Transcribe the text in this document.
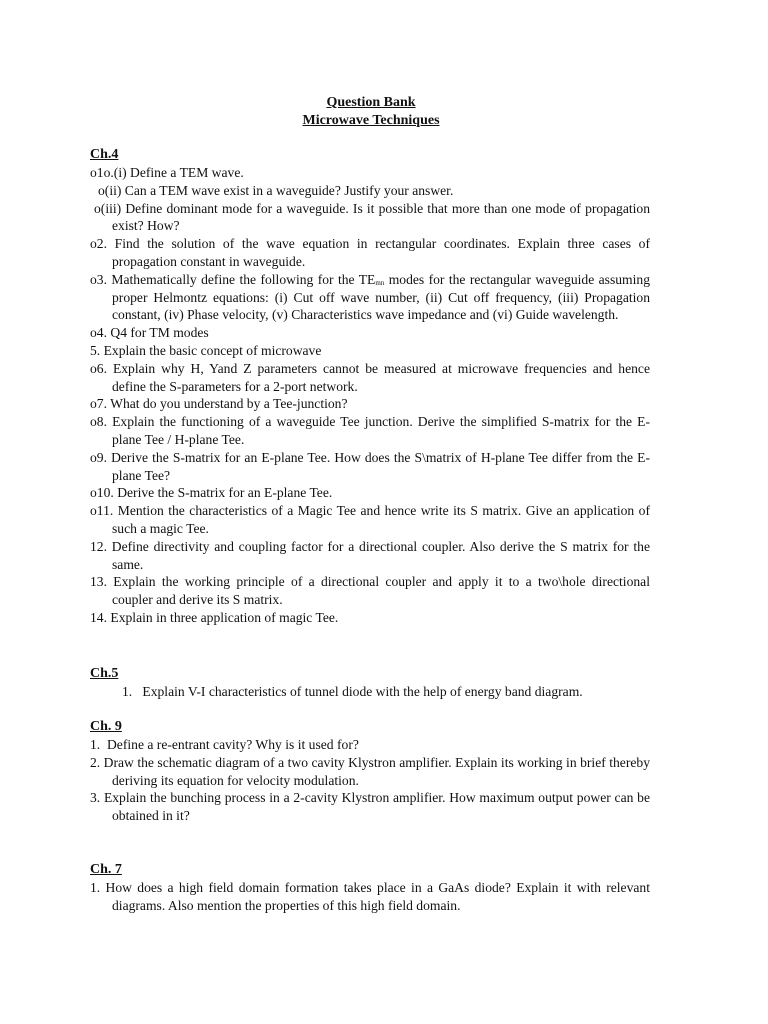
Question Bank
Microwave Techniques

Ch.4

o1o.(i) Define a TEM wave.

o(ii) Can a TEM wave exist in a waveguide? Justify your answer.

o(iii) Define dominant mode for a waveguide. Is it possible that more than one mode of propagation exist? How?

o2. Find the solution of the wave equation in rectangular coordinates. Explain three cases of propagation constant in waveguide.

o3. Mathematically define the following for the $TE_{mn}$ modes for the rectangular waveguide assuming proper Helmontz equations: (i) Cut off wave number, (ii) Cut off frequency, (iii) Propagation constant, (iv) Phase velocity, (v) Characteristics wave impedance and (vi) Guide wavelength.

o4. Q4 for TM modes

5. Explain the basic concept of microwave

o6. Explain why H, Yand Z parameters cannot be measured at microwave frequencies and hence define the S-parameters for a 2-port network.

o7. What do you understand by a Tee-junction?

o8. Explain the functioning of a waveguide Tee junction. Derive the simplified S-matrix for the E-plane Tee / H-plane Tee.

o9. Derive the S-matrix for an E-plane Tee. How does the S\matrix of H-plane Tee differ from the E-plane Tee?

o10. Derive the S-matrix for an E-plane Tee.

o11. Mention the characteristics of a Magic Tee and hence write its S matrix. Give an application of such a magic Tee.

12. Define directivity and coupling factor for a directional coupler. Also derive the S matrix for the same.

13. Explain the working principle of a directional coupler and apply it to a two\hole directional coupler and derive its S matrix.

14. Explain in three application of magic Tee.

Ch.5

1.   Explain V-I characteristics of tunnel diode with the help of energy band diagram.

Ch. 9

1.  Define a re-entrant cavity? Why is it used for?

2. Draw the schematic diagram of a two cavity Klystron amplifier. Explain its working in brief thereby deriving its equation for velocity modulation.

3. Explain the bunching process in a 2-cavity Klystron amplifier. How maximum output power can be obtained in it?

Ch. 7

1. How does a high field domain formation takes place in a GaAs diode? Explain it with relevant diagrams. Also mention the properties of this high field domain.
